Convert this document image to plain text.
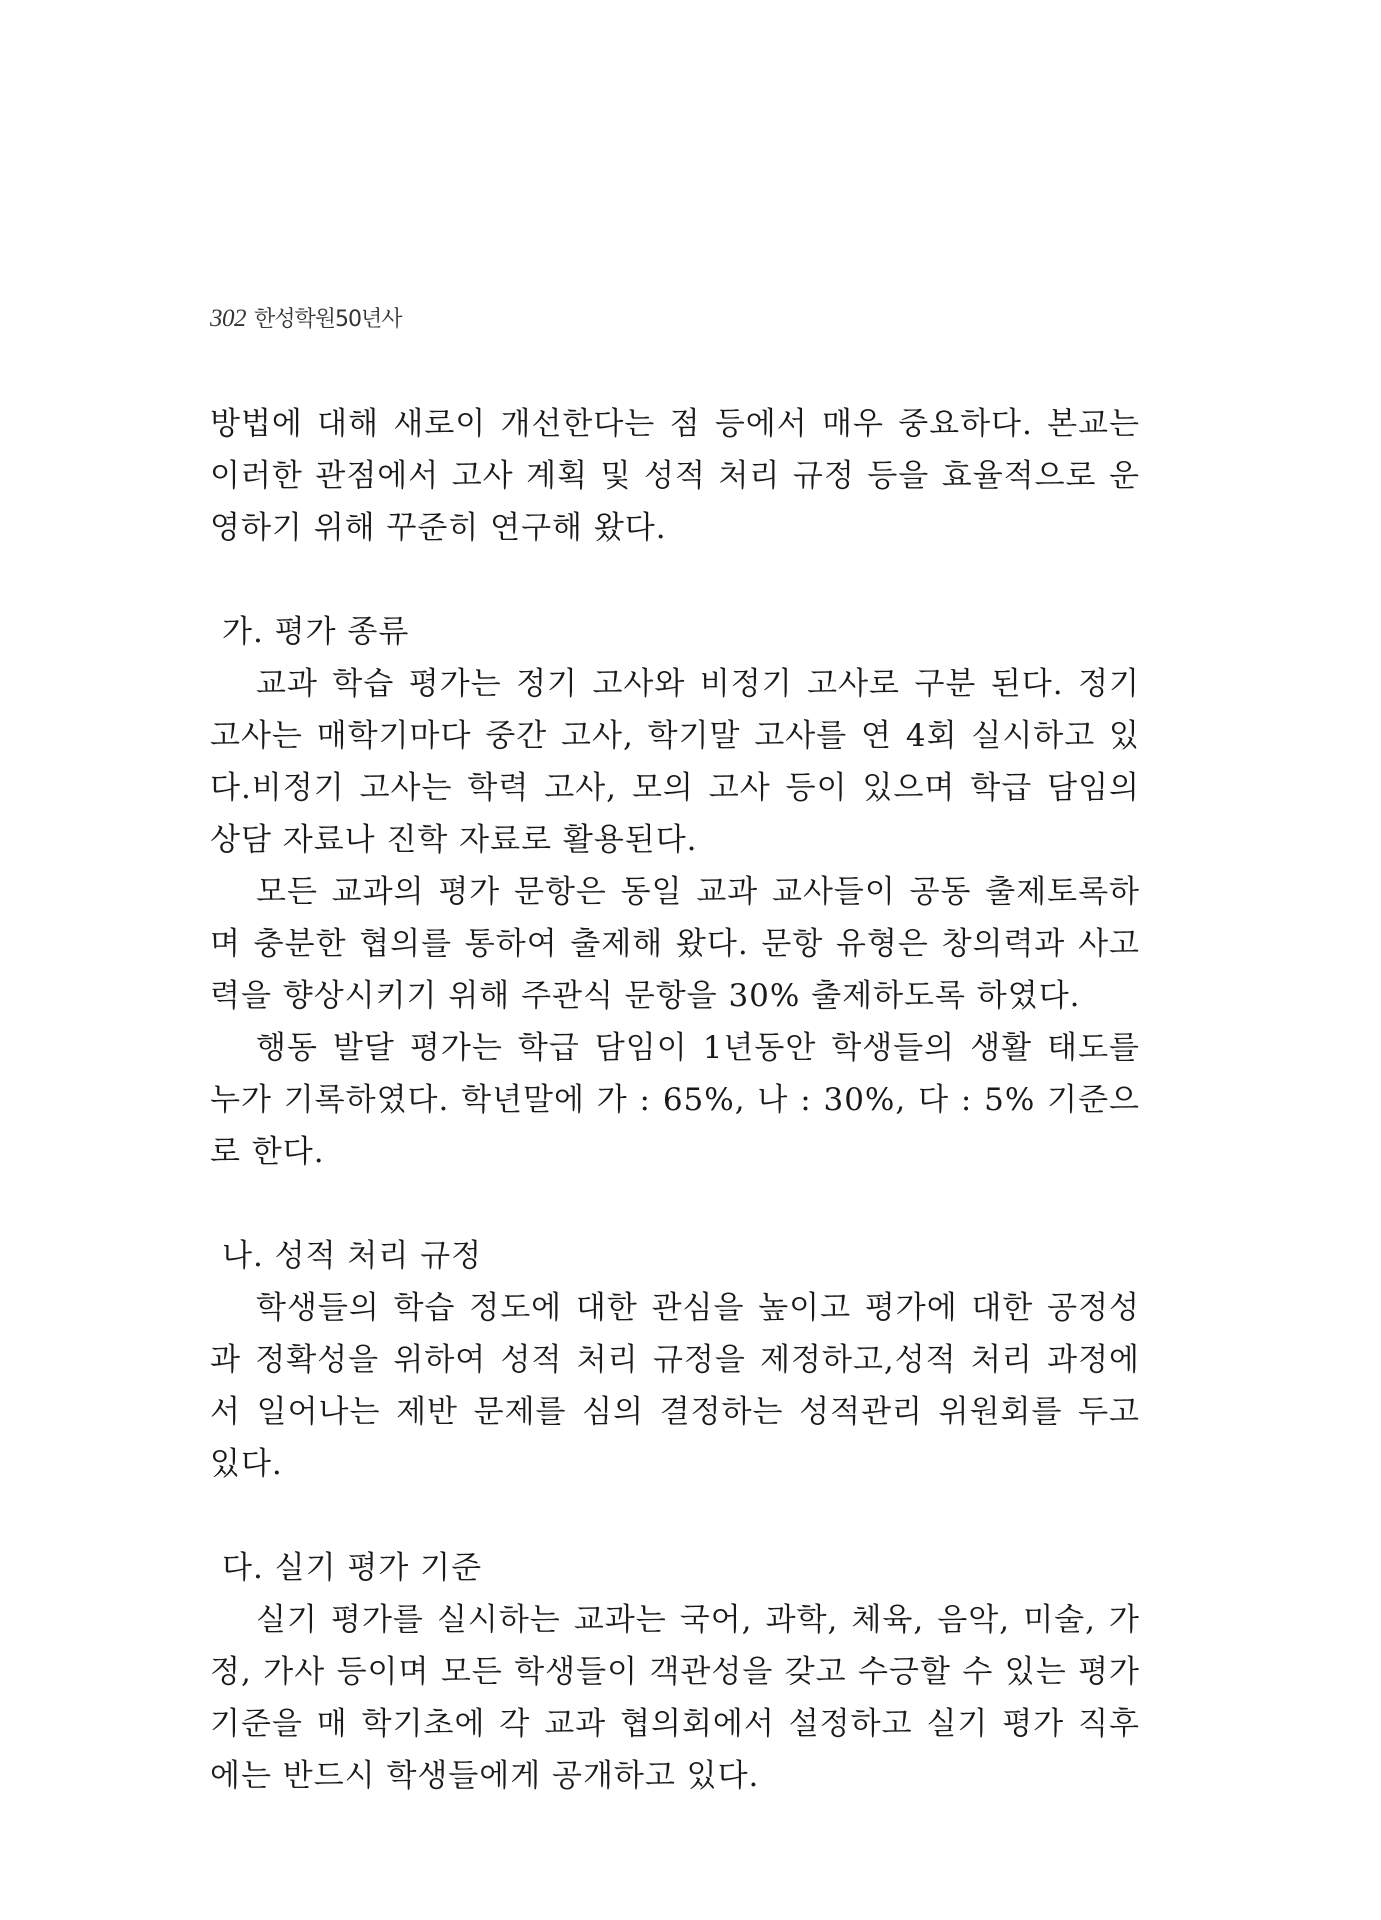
302 한성학원50년사

방법에 대해 새로이 개선한다는 점 등에서 매우 중요하다. 본교는 이러한 관점에서 고사 계획 및 성적 처리 규정 등을 효율적으로 운영하기 위해 꾸준히 연구해 왔다.

가. 평가 종류

교과 학습 평가는 정기 고사와 비정기 고사로 구분 된다. 정기 고사는 매학기마다 중간 고사, 학기말 고사를 연 4회 실시하고 있다.비정기 고사는 학력 고사, 모의 고사 등이 있으며 학급 담임의 상담 자료나 진학 자료로 활용된다.

모든 교과의 평가 문항은 동일 교과 교사들이 공동 출제토록하며 충분한 협의를 통하여 출제해 왔다. 문항 유형은 창의력과 사고력을 향상시키기 위해 주관식 문항을 30% 출제하도록 하였다.

행동 발달 평가는 학급 담임이 1년동안 학생들의 생활 태도를 누가 기록하였다. 학년말에 가 : 65%, 나 : 30%, 다 : 5% 기준으로 한다.

나. 성적 처리 규정

학생들의 학습 정도에 대한 관심을 높이고 평가에 대한 공정성과 정확성을 위하여 성적 처리 규정을 제정하고,성적 처리 과정에서 일어나는 제반 문제를 심의 결정하는 성적관리 위원회를 두고 있다.

다. 실기 평가 기준

실기 평가를 실시하는 교과는 국어, 과학, 체육, 음악, 미술, 가정, 가사 등이며 모든 학생들이 객관성을 갖고 수긍할 수 있는 평가 기준을 매 학기초에 각 교과 협의회에서 설정하고 실기 평가 직후에는 반드시 학생들에게 공개하고 있다.
